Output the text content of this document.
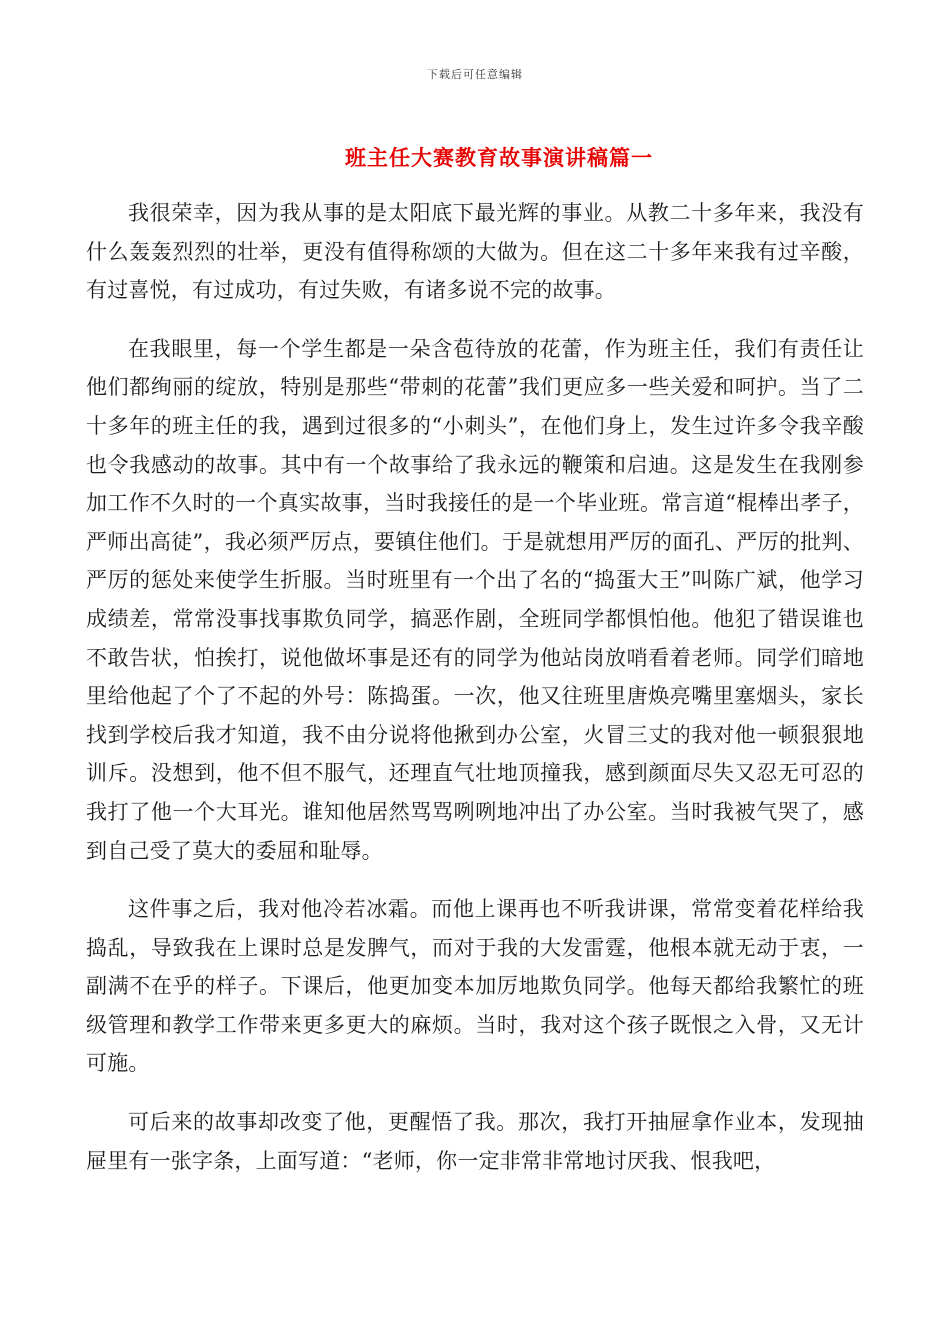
下载后可任意编辑
班主任大赛教育故事演讲稿篇一

我很荣幸，因为我从事的是太阳底下最光辉的事业。从教二十多年来，我没有什么轰轰烈烈的壮举，更没有值得称颂的大做为。但在这二十多年来我有过辛酸，有过喜悦，有过成功，有过失败，有诸多说不完的故事。

在我眼里，每一个学生都是一朵含苞待放的花蕾，作为班主任，我们有责任让他们都绚丽的绽放，特别是那些“带刺的花蕾”我们更应多一些关爱和呵护。当了二十多年的班主任的我，遇到过很多的“小刺头”，在他们身上，发生过许多令我辛酸也令我感动的故事。其中有一个故事给了我永远的鞭策和启迪。这是发生在我刚参加工作不久时的一个真实故事，当时我接任的是一个毕业班。常言道“棍棒出孝子，严师出高徒”，我必须严厉点，要镇住他们。于是就想用严厉的面孔、严厉的批判、严厉的惩处来使学生折服。当时班里有一个出了名的“捣蛋大王”叫陈广斌，他学习成绩差，常常没事找事欺负同学，搞恶作剧，全班同学都惧怕他。他犯了错误谁也不敢告状，怕挨打，说他做坏事是还有的同学为他站岗放哨看着老师。同学们暗地里给他起了个了不起的外号：陈捣蛋。一次，他又往班里唐焕亮嘴里塞烟头，家长找到学校后我才知道，我不由分说将他揪到办公室，火冒三丈的我对他一顿狠狠地训斥。没想到，他不但不服气，还理直气壮地顶撞我，感到颜面尽失又忍无可忍的我打了他一个大耳光。谁知他居然骂骂咧咧地冲出了办公室。当时我被气哭了，感到自己受了莫大的委屈和耻辱。

这件事之后，我对他冷若冰霜。而他上课再也不听我讲课，常常变着花样给我捣乱，导致我在上课时总是发脾气，而对于我的大发雷霆，他根本就无动于衷，一副满不在乎的样子。下课后，他更加变本加厉地欺负同学。他每天都给我繁忙的班级管理和教学工作带来更多更大的麻烦。当时，我对这个孩子既恨之入骨，又无计可施。

可后来的故事却改变了他，更醒悟了我。那次，我打开抽屉拿作业本，发现抽屉里有一张字条，上面写道：“老师，你一定非常非常地讨厌我、恨我吧，
